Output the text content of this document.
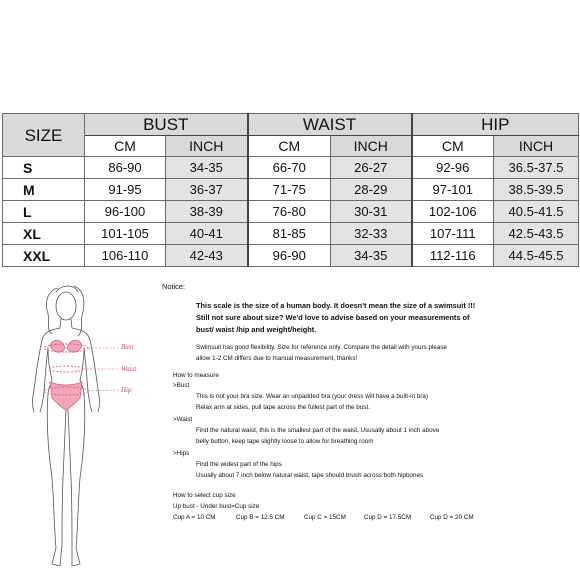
SIZE	BUST		WAIST		HIP	
	CM	INCH	CM	INCH	CM	INCH
S	86-90	34-35	66-70	26-27	92-96	36.5-37.5
M	91-95	36-37	71-75	28-29	97-101	38.5-39.5
L	96-100	38-39	76-80	30-31	102-106	40.5-41.5
XL	101-105	40-41	81-85	32-33	107-111	42.5-43.5
XXL	106-110	42-43	96-90	34-35	112-116	44.5-45.5
Bust
Waist
Hip
Notice:
This scale is the size of a human body. It doesn't mean the size of a swimsuit !!!
Still not sure about size? We'd love to advise based on your measurements of
bust/ waist /hip and weight/height.
Swimsuit has good flexibility. Size for reference only. Compare the detail with yours please
allow 1-2 CM differs due to manual measurement, thanks!
How to measure
>Bust
This is not your bra size. Wear an unpadded bra (your dress will have a built-in bra)
Relax arm at sides, pull tape across the fullest part of the bust.
>Waist
Find the natural waist, this is the smallest part of the waist. Ususally about 1 inch above
belly button, keep tape slightly loose to allow for breathing room
>Hips
Find the widest part of the hips
Usually about 7 inch below natural waist, tape should brush across both hipbones
How to select cup size
Up bust - Under bust=Cup size
Cup A = 10 CM	Cup B = 12.5 CM	Cup C = 15CM	Cup D = 17.5CM	Cup D = 20 CM
